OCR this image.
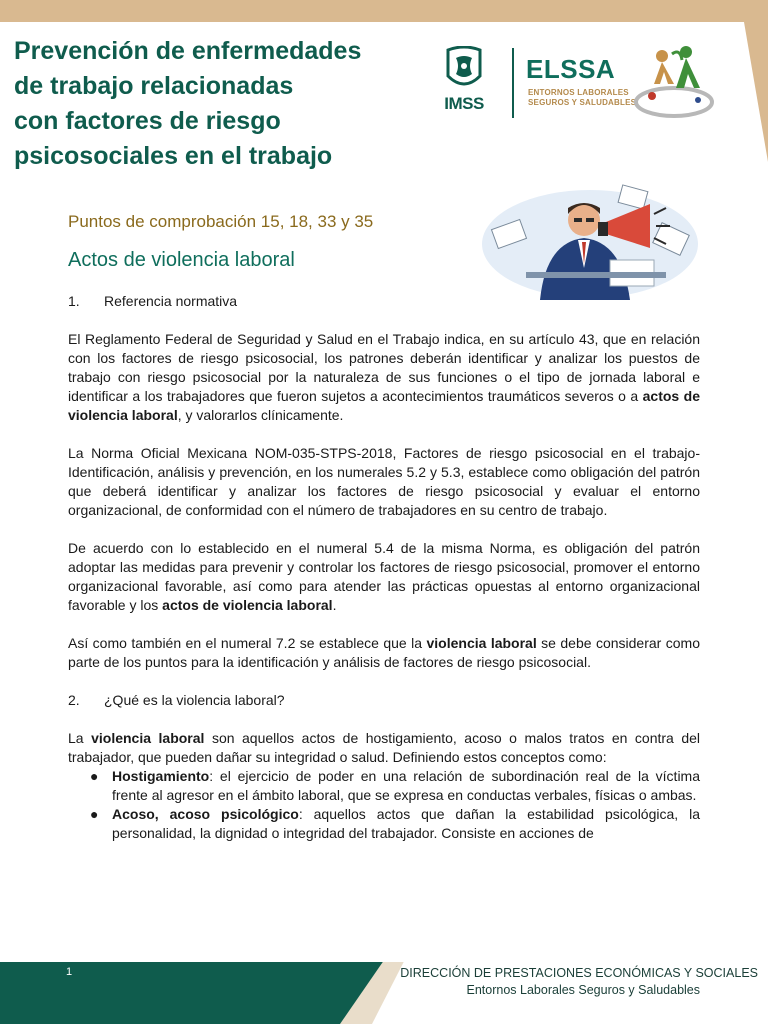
Prevención de enfermedades
de trabajo relacionadas
con factores de riesgo
psicosociales en el trabajo
IMSS
ELSSA
ENTORNOS LABORALES
SEGUROS Y SALUDABLES
Puntos de comprobación 15, 18, 33 y 35
Actos de violencia laboral
1.	Referencia normativa

El Reglamento Federal de Seguridad y Salud en el Trabajo indica, en su artículo 43, que en relación con los factores de riesgo psicosocial, los patrones deberán identificar y analizar los puestos de trabajo con riesgo psicosocial por la naturaleza de sus funciones o el tipo de jornada laboral e identificar a los trabajadores que fueron sujetos a acontecimientos traumáticos severos o a actos de violencia laboral, y valorarlos clínicamente.

La Norma Oficial Mexicana NOM-035-STPS-2018, Factores de riesgo psicosocial en el trabajo-Identificación, análisis y prevención, en los numerales 5.2 y 5.3, establece como obligación del patrón que deberá identificar y analizar los factores de riesgo psicosocial y evaluar el entorno organizacional, de conformidad con el número de trabajadores en su centro de trabajo.

De acuerdo con lo establecido en el numeral 5.4 de la misma Norma, es obligación del patrón adoptar las medidas para prevenir y controlar los factores de riesgo psicosocial, promover el entorno organizacional favorable, así como para atender las prácticas opuestas al entorno organizacional favorable y los actos de violencia laboral.

Así como también en el numeral 7.2 se establece que la violencia laboral se debe considerar como parte de los puntos para la identificación y análisis de factores de riesgo psicosocial.

2.	¿Qué es la violencia laboral?

La violencia laboral son aquellos actos de hostigamiento, acoso o malos tratos en contra del trabajador, que pueden dañar su integridad o salud. Definiendo estos conceptos como:

● Hostigamiento: el ejercicio de poder en una relación de subordinación real de la víctima frente al agresor en el ámbito laboral, que se expresa en conductas verbales, físicas o ambas.
● Acoso, acoso psicológico: aquellos actos que dañan la estabilidad psicológica, la personalidad, la dignidad o integridad del trabajador. Consiste en acciones de
1	DIRECCIÓN DE PRESTACIONES ECONÓMICAS Y SOCIALES
Entornos Laborales Seguros y Saludables
